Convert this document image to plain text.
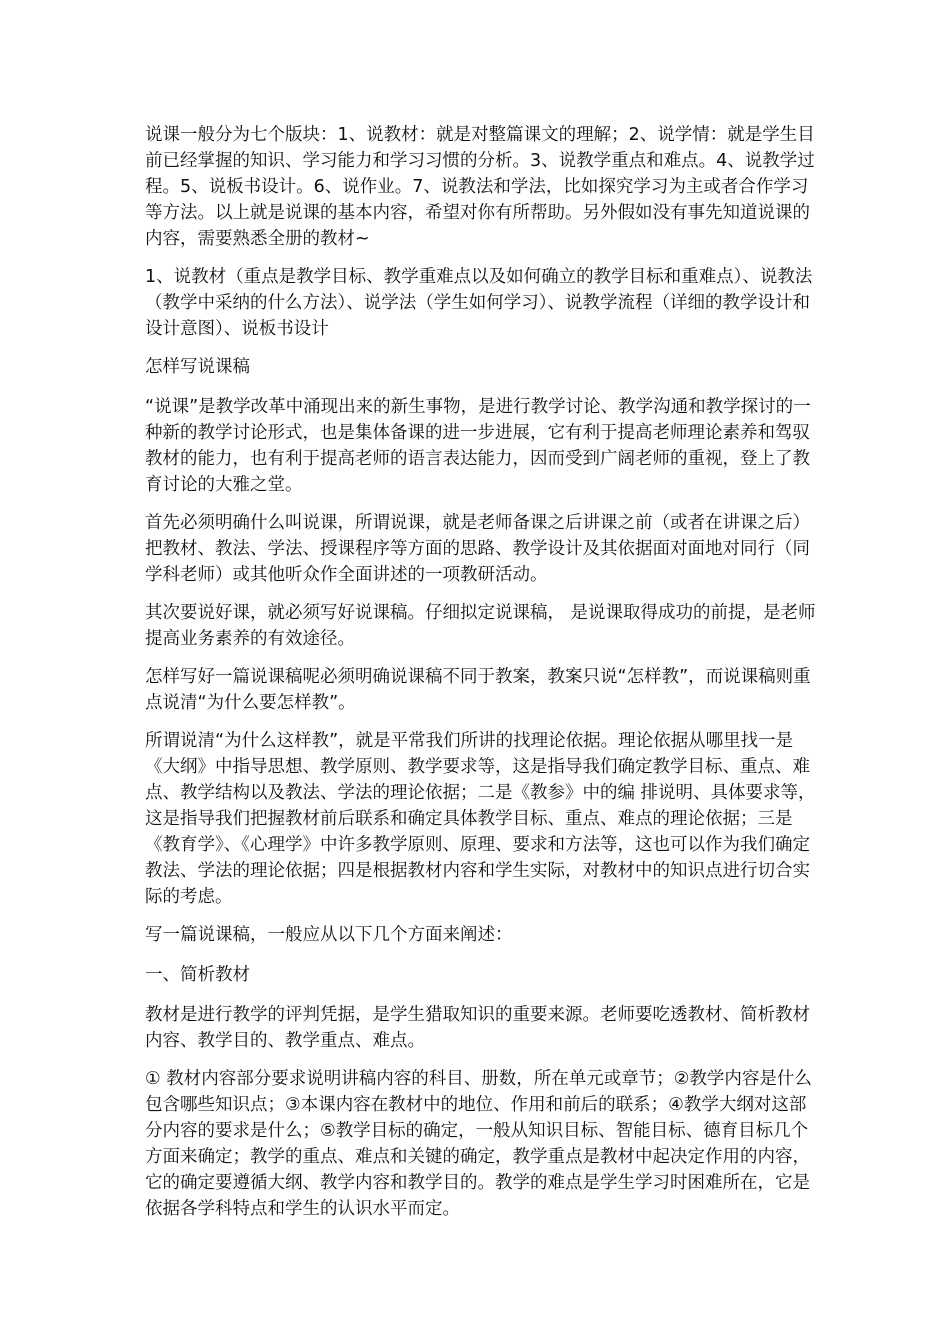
说课一般分为七个版块：1、说教材：就是对整篇课文的理解；2、说学情：就是学生目前已经掌握的知识、学习能力和学习习惯的分析。3、说教学重点和难点。4、说教学过程。5、说板书设计。6、说作业。7、说教法和学法，比如探究学习为主或者合作学习等方法。以上就是说课的基本内容，希望对你有所帮助。另外假如没有事先知道说课的内容，需要熟悉全册的教材~

1、说教材（重点是教学目标、教学重难点以及如何确立的教学目标和重难点）、说教法（教学中采纳的什么方法）、说学法（学生如何学习）、说教学流程（详细的教学设计和设计意图）、说板书设计

怎样写说课稿

“说课”是教学改革中涌现出来的新生事物，是进行教学讨论、教学沟通和教学探讨的一种新的教学讨论形式，也是集体备课的进一步进展，它有利于提高老师理论素养和驾驭教材的能力，也有利于提高老师的语言表达能力，因而受到广阔老师的重视，登上了教育讨论的大雅之堂。

首先必须明确什么叫说课，所谓说课，就是老师备课之后讲课之前（或者在讲课之后）把教材、教法、学法、授课程序等方面的思路、教学设计及其依据面对面地对同行（同学科老师）或其他听众作全面讲述的一项教研活动。

其次要说好课，就必须写好说课稿。仔细拟定说课稿， 是说课取得成功的前提，是老师提高业务素养的有效途径。

怎样写好一篇说课稿呢必须明确说课稿不同于教案，教案只说“怎样教”，而说课稿则重点说清“为什么要怎样教”。

所谓说清“为什么这样教”，就是平常我们所讲的找理论依据。理论依据从哪里找一是《大纲》中指导思想、教学原则、教学要求等，这是指导我们确定教学目标、重点、难点、教学结构以及教法、学法的理论依据；二是《教参》中的编 排说明、具体要求等，这是指导我们把握教材前后联系和确定具体教学目标、重点、难点的理论依据；三是《教育学》、《心理学》中许多教学原则、原理、要求和方法等，这也可以作为我们确定教法、学法的理论依据；四是根据教材内容和学生实际，对教材中的知识点进行切合实际的考虑。

写一篇说课稿，一般应从以下几个方面来阐述：

一、简析教材

教材是进行教学的评判凭据，是学生猎取知识的重要来源。老师要吃透教材、简析教材内容、教学目的、教学重点、难点。

① 教材内容部分要求说明讲稿内容的科目、册数，所在单元或章节；②教学内容是什么包含哪些知识点；③本课内容在教材中的地位、作用和前后的联系；④教学大纲对这部分内容的要求是什么；⑤教学目标的确定，一般从知识目标、智能目标、德育目标几个方面来确定；教学的重点、难点和关键的确定，教学重点是教材中起决定作用的内容，它的确定要遵循大纲、教学内容和教学目的。教学的难点是学生学习时困难所在，它是依据各学科特点和学生的认识水平而定。
